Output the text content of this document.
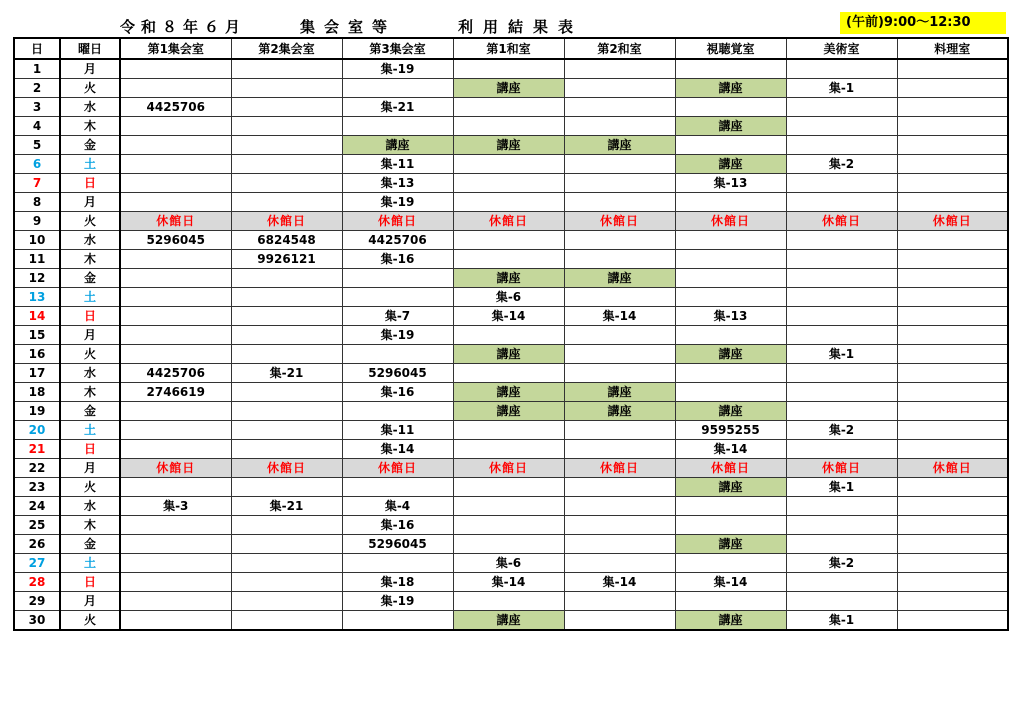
令和８年６月	集会室等	利用結果表	(午前)9:00～12:30
日	曜日	第1集会室	第2集会室	第3集会室	第1和室	第2和室	視聴覚室	美術室	料理室
1	月			集-19					
2	火				講座		講座	集-1	
3	水	4425706		集-21					
4	木						講座		
5	金			講座	講座	講座			
6	土			集-11			講座	集-2	
7	日			集-13			集-13		
8	月			集-19					
9	火	休館日	休館日	休館日	休館日	休館日	休館日	休館日	休館日
10	水	5296045	6824548	4425706					
11	木		9926121	集-16					
12	金				講座	講座			
13	土				集-6				
14	日			集-7	集-14	集-14	集-13		
15	月			集-19					
16	火				講座		講座	集-1	
17	水	4425706	集-21	5296045					
18	木	2746619		集-16	講座	講座			
19	金				講座	講座	講座		
20	土			集-11			9595255	集-2	
21	日			集-14			集-14		
22	月	休館日	休館日	休館日	休館日	休館日	休館日	休館日	休館日
23	火						講座	集-1	
24	水	集-3	集-21	集-4					
25	木			集-16					
26	金			5296045			講座		
27	土				集-6			集-2	
28	日			集-18	集-14	集-14	集-14		
29	月			集-19					
30	火				講座		講座	集-1	
